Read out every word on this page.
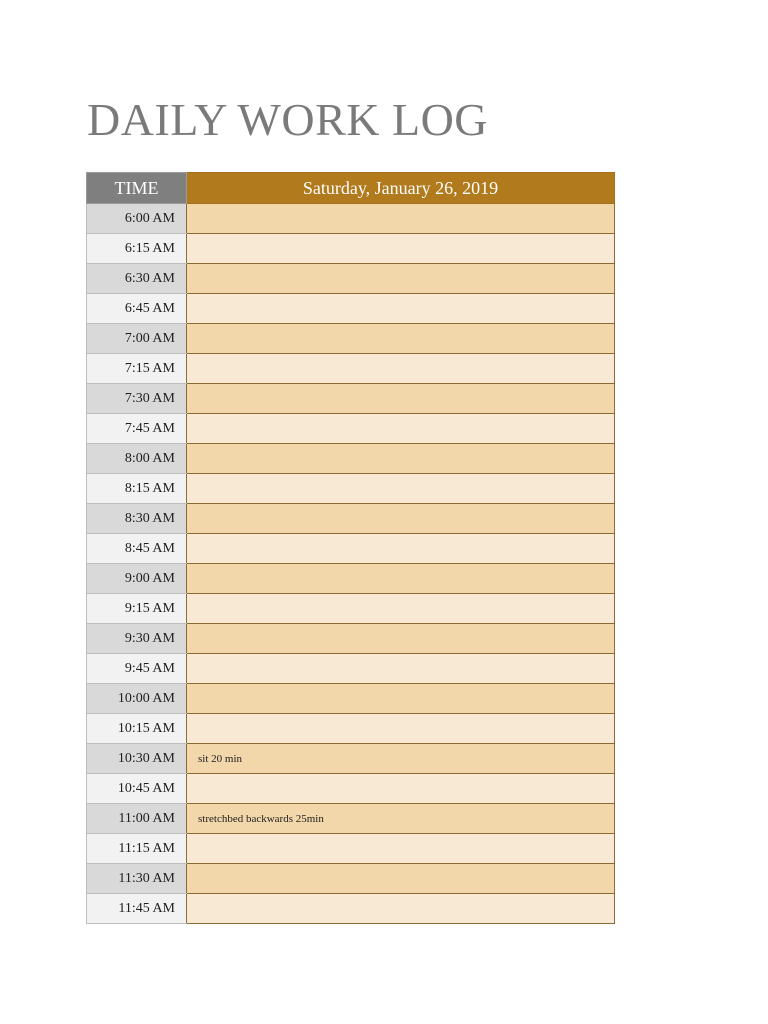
DAILY WORK LOG
TIME	Saturday, January 26, 2019
6:00 AM	
6:15 AM	
6:30 AM	
6:45 AM	
7:00 AM	
7:15 AM	
7:30 AM	
7:45 AM	
8:00 AM	
8:15 AM	
8:30 AM	
8:45 AM	
9:00 AM	
9:15 AM	
9:30 AM	
9:45 AM	
10:00 AM	
10:15 AM	
10:30 AM	sit 20 min
10:45 AM	
11:00 AM	stretchbed backwards 25min
11:15 AM	
11:30 AM	
11:45 AM	
